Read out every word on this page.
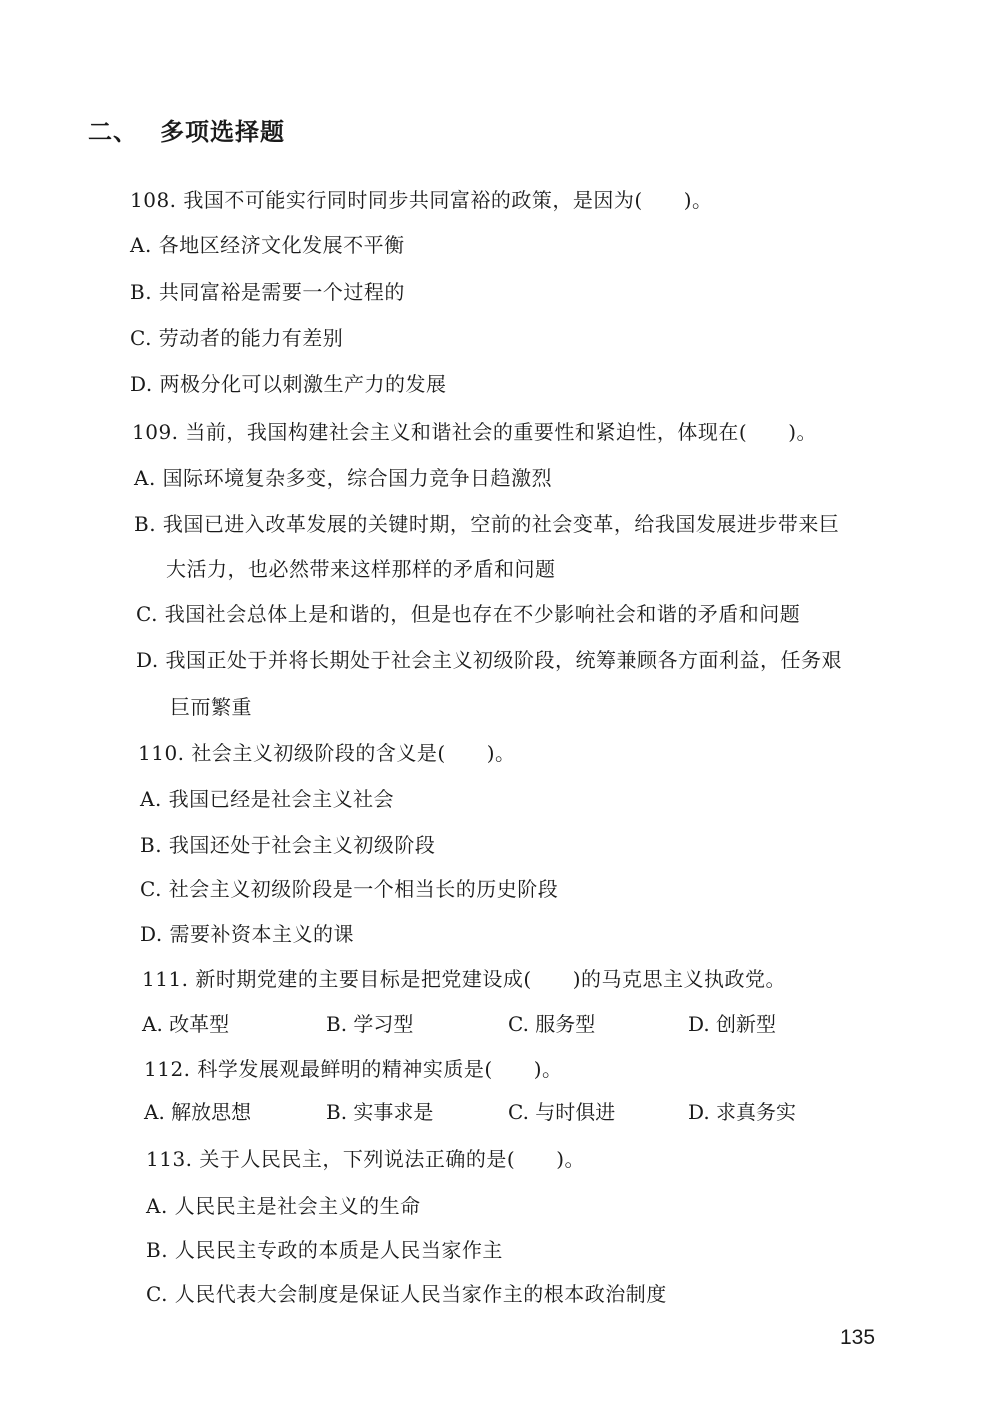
二、 多项选择题
108. 我国不可能实行同时同步共同富裕的政策，是因为(　　)。
A. 各地区经济文化发展不平衡
B. 共同富裕是需要一个过程的
C. 劳动者的能力有差别
D. 两极分化可以刺激生产力的发展
109. 当前，我国构建社会主义和谐社会的重要性和紧迫性，体现在(　　)。
A. 国际环境复杂多变，综合国力竞争日趋激烈
B. 我国已进入改革发展的关键时期，空前的社会变革，给我国发展进步带来巨
大活力，也必然带来这样那样的矛盾和问题
C. 我国社会总体上是和谐的，但是也存在不少影响社会和谐的矛盾和问题
D. 我国正处于并将长期处于社会主义初级阶段，统筹兼顾各方面利益，任务艰
巨而繁重
110. 社会主义初级阶段的含义是(　　)。
A. 我国已经是社会主义社会
B. 我国还处于社会主义初级阶段
C. 社会主义初级阶段是一个相当长的历史阶段
D. 需要补资本主义的课
111. 新时期党建的主要目标是把党建设成(　　)的马克思主义执政党。
A. 改革型	B. 学习型	C. 服务型	D. 创新型
112. 科学发展观最鲜明的精神实质是(　　)。
A. 解放思想	B. 实事求是	C. 与时俱进	D. 求真务实
113. 关于人民民主，下列说法正确的是(　　)。
A. 人民民主是社会主义的生命
B. 人民民主专政的本质是人民当家作主
C. 人民代表大会制度是保证人民当家作主的根本政治制度
135
